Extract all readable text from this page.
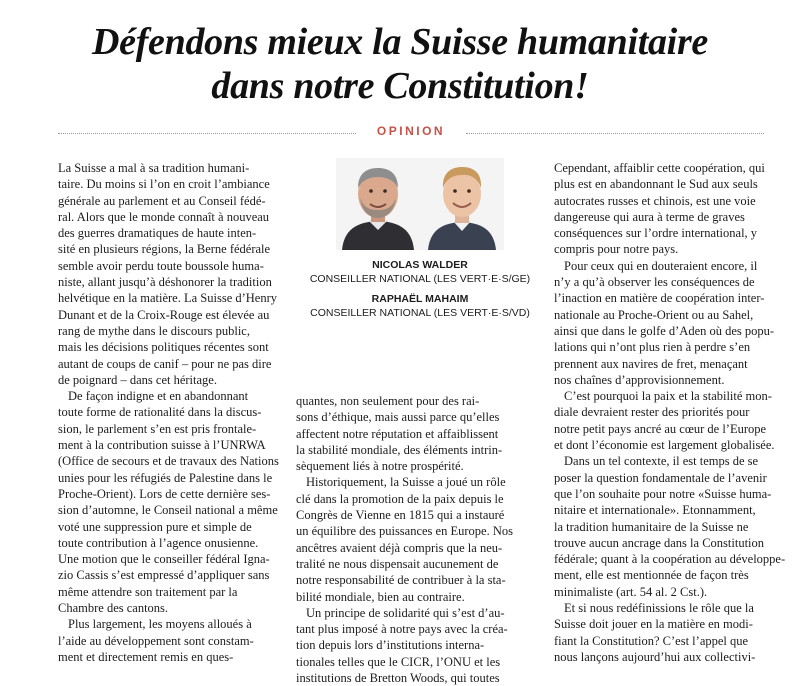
Défendons mieux la Suisse humanitaire
dans notre Constitution!
OPINION

La Suisse a mal à sa tradition humani-
taire. Du moins si l’on en croit l’ambiance
générale au parlement et au Conseil fédé-
ral. Alors que le monde connaît à nouveau
des guerres dramatiques de haute inten-
sité en plusieurs régions, la Berne fédérale
semble avoir perdu toute boussole huma-
niste, allant jusqu’à déshonorer la tradition
helvétique en la matière. La Suisse d’Henry
Dunant et de la Croix-Rouge est élevée au
rang de mythe dans le discours public,
mais les décisions politiques récentes sont
autant de coups de canif – pour ne pas dire
de poignard – dans cet héritage.

De façon indigne et en abandonnant
toute forme de rationalité dans la discus-
sion, le parlement s’en est pris frontale-
ment à la contribution suisse à l’UNRWA
(Office de secours et de travaux des Nations
unies pour les réfugiés de Palestine dans le
Proche-Orient). Lors de cette dernière ses-
sion d’automne, le Conseil national a même
voté une suppression pure et simple de
toute contribution à l’agence onusienne.
Une motion que le conseiller fédéral Igna-
zio Cassis s’est empressé d’appliquer sans
même attendre son traitement par la
Chambre des cantons.

Plus largement, les moyens alloués à
l’aide au développement sont constam-
ment et directement remis en ques-

NICOLAS WALDER
CONSEILLER NATIONAL (LES VERT·E·S/GE)
RAPHAËL MAHAIM
CONSEILLER NATIONAL (LES VERT·E·S/VD)

quantes, non seulement pour des rai-
sons d’éthique, mais aussi parce qu’elles
affectent notre réputation et affaiblissent
la stabilité mondiale, des éléments intrin-
sèquement liés à notre prospérité.

Historiquement, la Suisse a joué un rôle
clé dans la promotion de la paix depuis le
Congrès de Vienne en 1815 qui a instauré
un équilibre des puissances en Europe. Nos
ancêtres avaient déjà compris que la neu-
tralité ne nous dispensait aucunement de
notre responsabilité de contribuer à la sta-
bilité mondiale, bien au contraire.

Un principe de solidarité qui s’est d’au-
tant plus imposé à notre pays avec la créa-
tion depuis lors d’institutions interna-
tionales telles que le CICR, l’ONU et les
institutions de Bretton Woods, qui toutes

Cependant, affaiblir cette coopération, qui
plus est en abandonnant le Sud aux seuls
autocrates russes et chinois, est une voie
dangereuse qui aura à terme de graves
conséquences sur l’ordre international, y
compris pour notre pays.

Pour ceux qui en douteraient encore, il
n’y a qu’à observer les conséquences de
l’inaction en matière de coopération inter-
nationale au Proche-Orient ou au Sahel,
ainsi que dans le golfe d’Aden où des popu-
lations qui n’ont plus rien à perdre s’en
prennent aux navires de fret, menaçant
nos chaînes d’approvisionnement.

C’est pourquoi la paix et la stabilité mon-
diale devraient rester des priorités pour
notre petit pays ancré au cœur de l’Europe
et dont l’économie est largement globalisée.

Dans un tel contexte, il est temps de se
poser la question fondamentale de l’avenir
que l’on souhaite pour notre «Suisse huma-
nitaire et internationale». Etonnamment,
la tradition humanitaire de la Suisse ne
trouve aucun ancrage dans la Constitution
fédérale; quant à la coopération au développe-
ment, elle est mentionnée de façon très
minimaliste (art. 54 al. 2 Cst.).

Et si nous redéfinissions le rôle que la
Suisse doit jouer en la matière en modi-
fiant la Constitution? C’est l’appel que
nous lançons aujourd’hui aux collectivi-
